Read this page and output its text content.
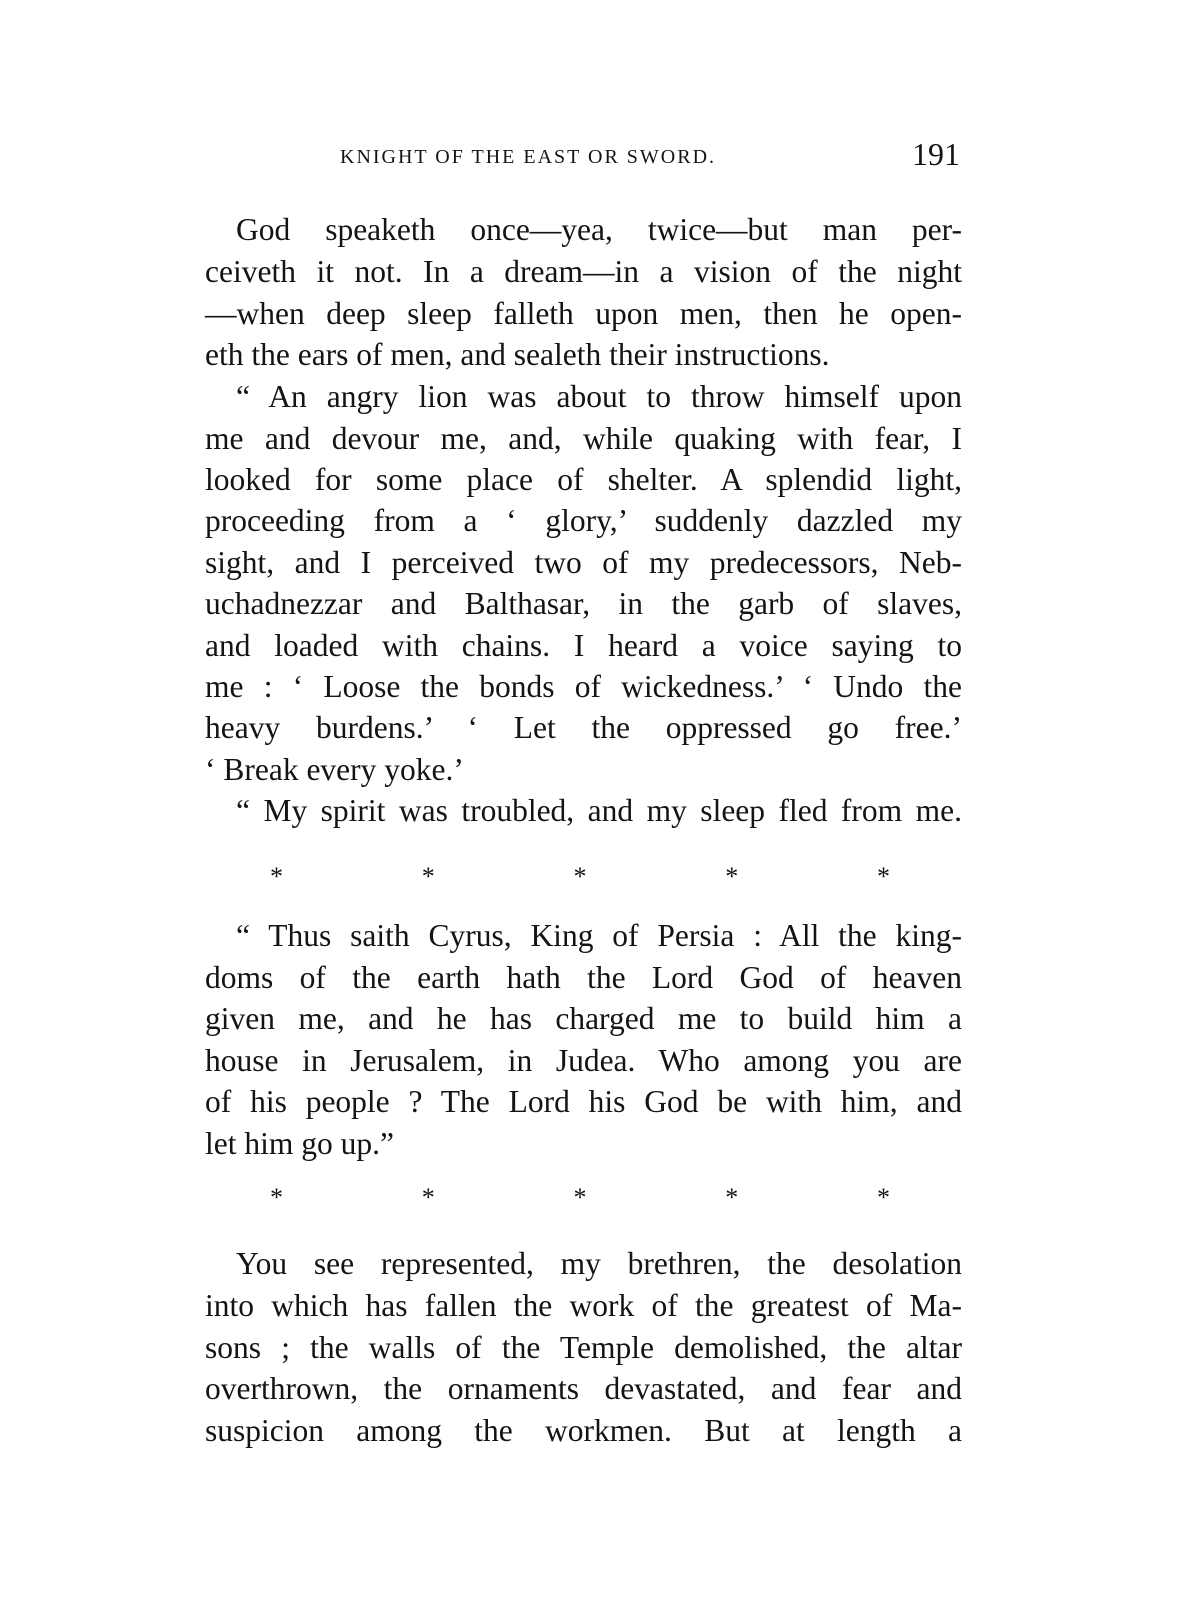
KNIGHT OF THE EAST OR SWORD.	191
God speaketh once—yea, twice—but man per-
ceiveth it not. In a dream—in a vision of the night
—when deep sleep falleth upon men, then he open-
eth the ears of men, and sealeth their instructions.
“ An angry lion was about to throw himself upon
me and devour me, and, while quaking with fear, I
looked for some place of shelter. A splendid light,
proceeding from a ‘ glory,’ suddenly dazzled my
sight, and I perceived two of my predecessors, Neb-
uchadnezzar and Balthasar, in the garb of slaves,
and loaded with chains. I heard a voice saying to
me : ‘ Loose the bonds of wickedness.’ ‘ Undo the
heavy burdens.’ ‘ Let the oppressed go free.’
‘ Break every yoke.’
“ My spirit was troubled, and my sleep fled from me.
*	*	*	*	*
“ Thus saith Cyrus, King of Persia : All the king-
doms of the earth hath the Lord God of heaven
given me, and he has charged me to build him a
house in Jerusalem, in Judea. Who among you are
of his people ? The Lord his God be with him, and
let him go up.”
*	*	*	*	*
You see represented, my brethren, the desolation
into which has fallen the work of the greatest of Ma-
sons ; the walls of the Temple demolished, the altar
overthrown, the ornaments devastated, and fear and
suspicion among the workmen. But at length a
